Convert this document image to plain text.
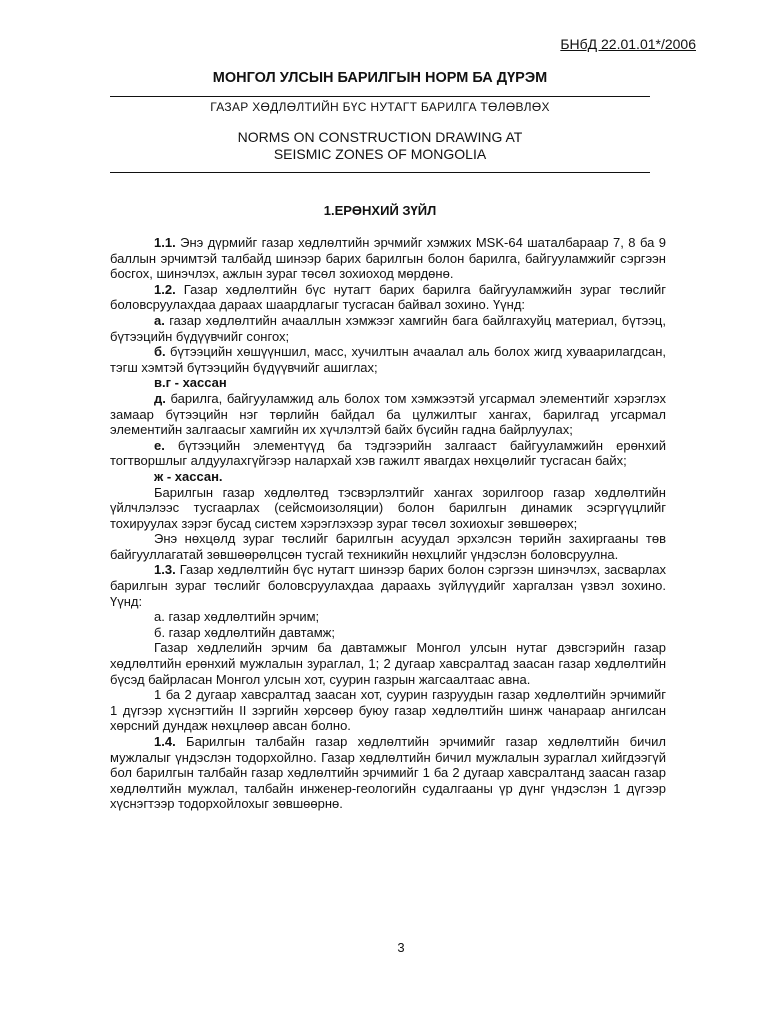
БНбД 22.01.01*/2006
МОНГОЛ УЛСЫН БАРИЛГЫН НОРМ БА ДҮРЭМ
ГАЗАР ХӨДЛӨЛТИЙН БҮС НУТАГТ БАРИЛГА ТӨЛӨВЛӨХ
NORMS ON CONSTRUCTION DRAWING AT
SEISMIC ZONES OF MONGOLIA
1.ЕРӨНХИЙ ЗҮЙЛ

1.1. Энэ дүрмийг газар хөдлөлтийн эрчмийг хэмжих MSK-64 шаталбараар 7, 8 ба 9 баллын эрчимтэй талбайд шинээр барих барилгын болон барилга, байгууламжийг сэргээн босгох, шинэчлэх, ажлын зураг төсөл зохиоход мөрдөнө.

1.2. Газар хөдлөлтийн бүс нутагт барих барилга байгууламжийн зураг төслийг боловсруулахдаа дараах шаардлагыг тусгасан байвал зохино. Үүнд:

а. газар хөдлөлтийн ачааллын хэмжээг хамгийн бага байлгахуйц материал, бүтээц, бүтээцийн бүдүүвчийг сонгох;

б. бүтээцийн хөшүүншил, масс, хучилтын ачаалал аль болох жигд хуваарилагдсан, тэгш хэмтэй бүтээцийн бүдүүвчийг ашиглах;

в.г - хассан

д. барилга, байгууламжид аль болох том хэмжээтэй угсармал элементийг хэрэглэх замаар бүтээцийн нэг төрлийн байдал ба цулжилтыг хангах, барилгад угсармал элементийн залгаасыг хамгийн их хүчлэлтэй байх бүсийн гадна байрлуулах;

е. бүтээцийн элементүүд ба тэдгээрийн залгааст байгууламжийн ерөнхий тогтворшлыг алдуулахгүйгээр налархай хэв гажилт явагдах нөхцөлийг тусгасан байх;

ж - хассан.

Барилгын газар хөдлөлтөд тэсвэрлэлтийг хангах зорилгоор газар хөдлөлтийн үйлчлэлээс тусгаарлах (сейсмоизоляции) болон барилгын динамик эсэргүүцлийг тохируулах зэрэг бусад систем хэрэглэхээр зураг төсөл зохиохыг зөвшөөрөх;

Энэ нөхцөлд зураг төслийг барилгын асуудал эрхэлсэн төрийн захиргааны төв байгууллагатай зөвшөөрөлцсөн тусгай техникийн нөхцлийг үндэслэн боловсруулна.

1.3. Газар хөдлөлтийн бүс нутагт шинээр барих болон сэргээн шинэчлэх, засварлах барилгын зураг төслийг боловсруулахдаа дараахь зүйлүүдийг харгалзан үзвэл зохино. Үүнд:

а. газар хөдлөлтийн эрчим;

б. газар хөдлөлтийн давтамж;

Газар хөдлелийн эрчим ба давтамжыг Монгол улсын нутаг дэвсгэрийн газар хөдлөлтийн ерөнхий мужлалын зураглал, 1; 2 дугаар хавсралтад заасан газар хөдлөлтийн бүсэд байрласан Монгол улсын хот, суурин газрын жагсаалтаас авна.

1 ба 2 дугаар хавсралтад заасан хот, суурин газруудын газар хөдлөлтийн эрчимийг 1 дүгээр хүснэгтийн II зэргийн хөрсөөр буюу газар хөдлөлтийн шинж чанараар ангилсан хөрсний дундаж нөхцлөөр авсан болно.

1.4. Барилгын талбайн газар хөдлөлтийн эрчимийг газар хөдлөлтийн бичил мужлалыг үндэслэн тодорхойлно. Газар хөдлөлтийн бичил мужлалын зураглал хийгдээгүй бол барилгын талбайн газар хөдлөлтийн эрчимийг 1 ба 2 дугаар хавсралтанд заасан газар хөдлөлтийн мужлал, талбайн инженер-геологийн судалгааны үр дүнг үндэслэн 1 дүгээр хүснэгтээр тодорхойлохыг зөвшөөрнө.

3
